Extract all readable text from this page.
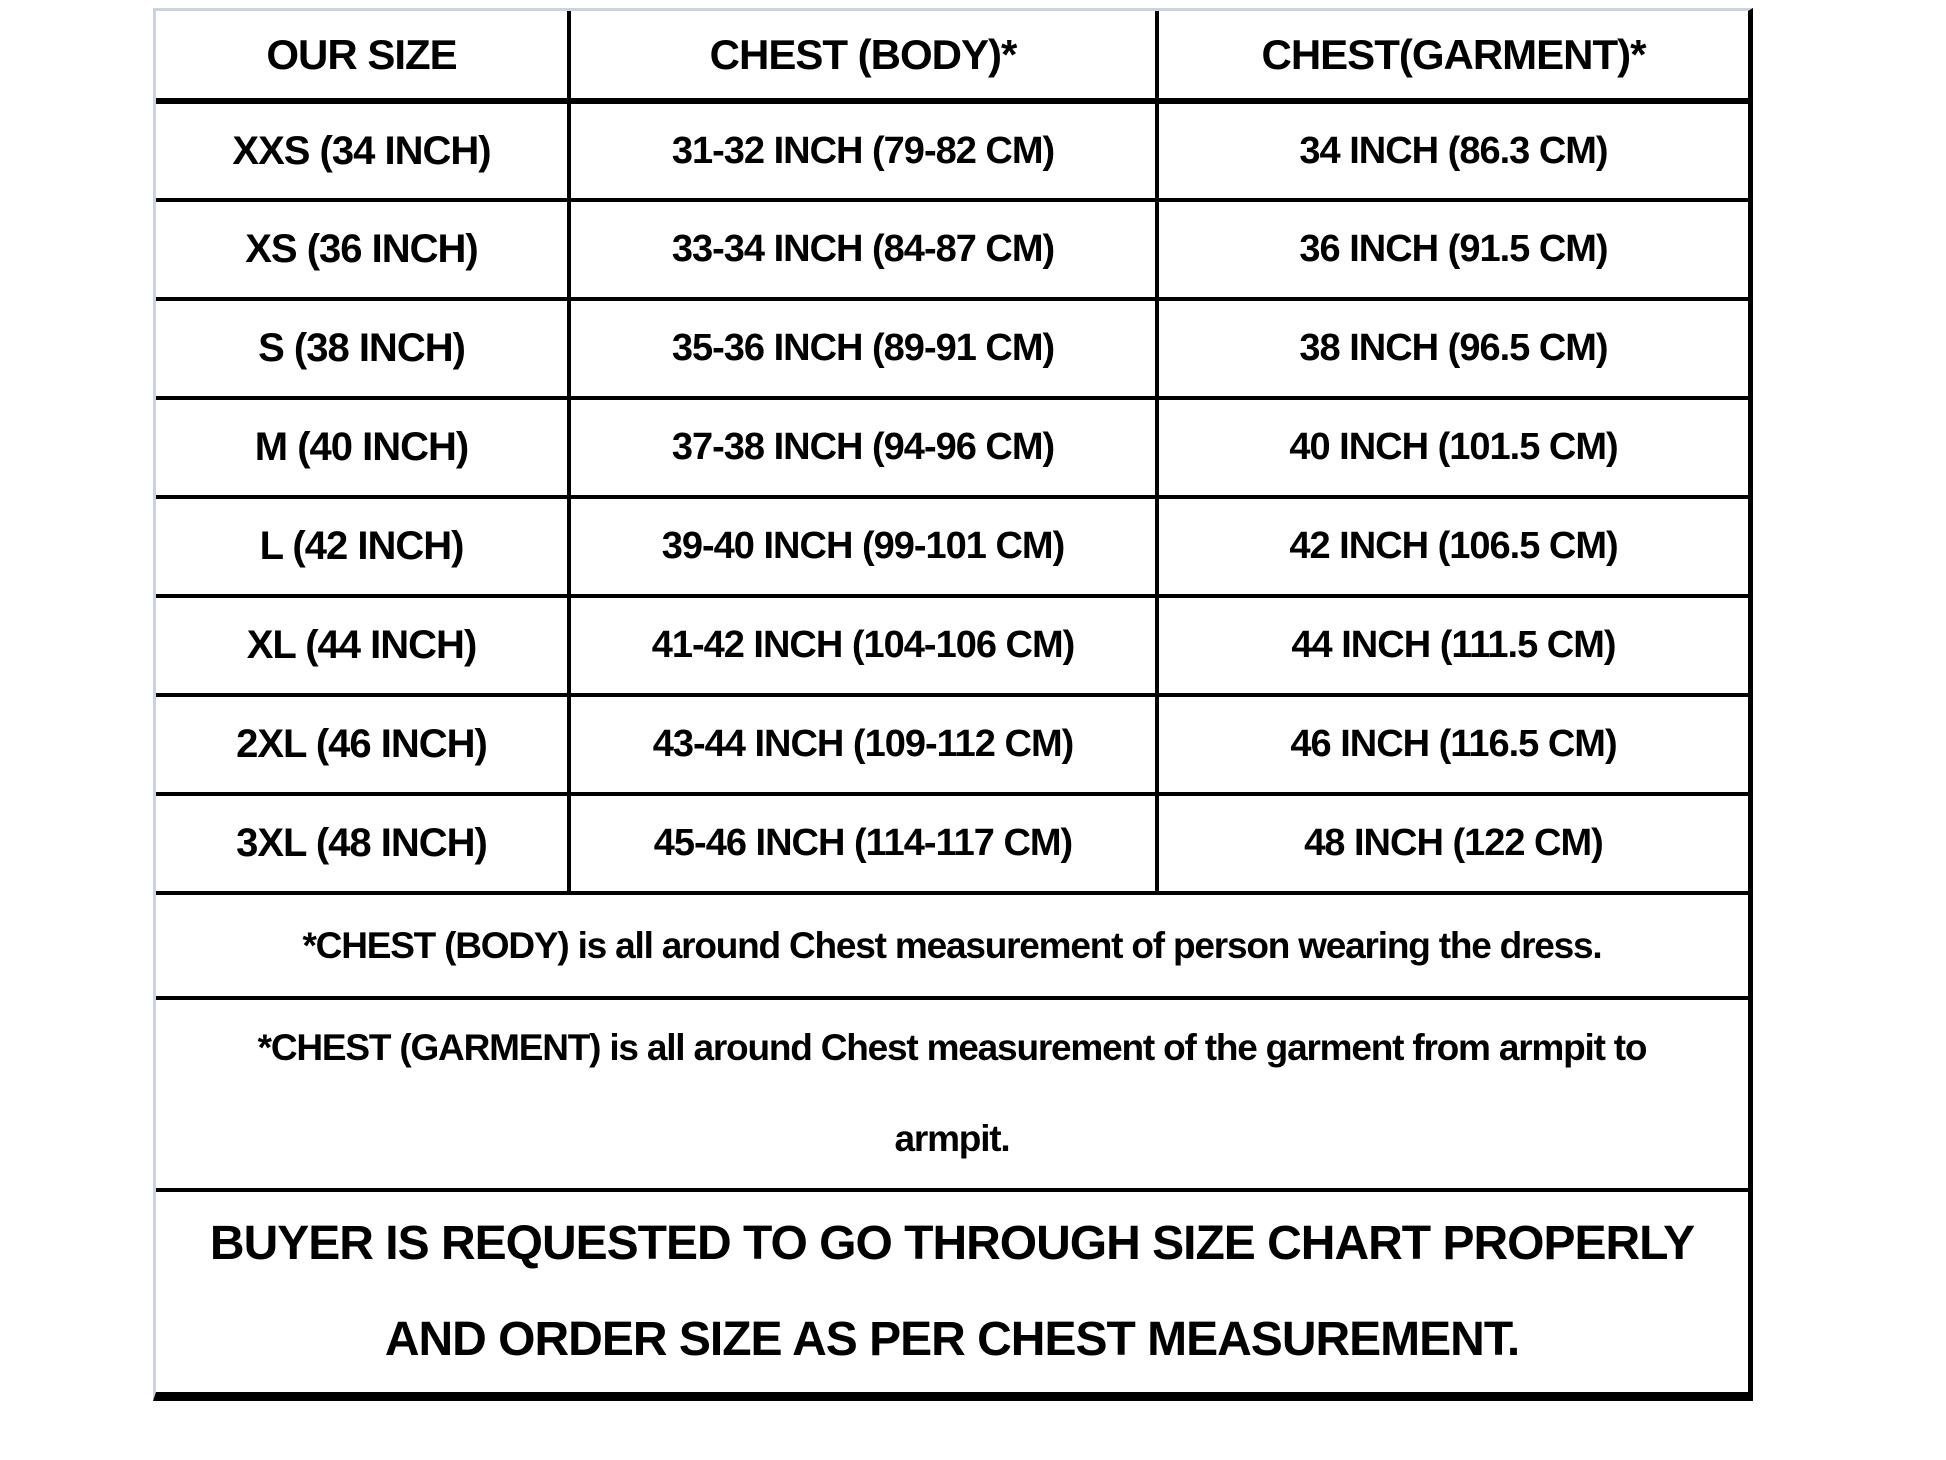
OUR SIZE	CHEST (BODY)*	CHEST(GARMENT)*
XXS (34 INCH)	31-32 INCH (79-82 CM)	34 INCH (86.3 CM)
XS (36 INCH)	33-34 INCH (84-87 CM)	36 INCH (91.5 CM)
S (38 INCH)	35-36 INCH (89-91 CM)	38 INCH (96.5 CM)
M (40 INCH)	37-38 INCH (94-96 CM)	40 INCH (101.5 CM)
L (42 INCH)	39-40 INCH (99-101 CM)	42 INCH (106.5 CM)
XL (44 INCH)	41-42 INCH (104-106 CM)	44 INCH (111.5 CM)
2XL (46 INCH)	43-44 INCH (109-112 CM)	46 INCH (116.5 CM)
3XL (48 INCH)	45-46 INCH (114-117 CM)	48 INCH (122 CM)
*CHEST (BODY) is all around Chest measurement of person wearing the dress.		
*CHEST (GARMENT) is all around Chest measurement of the garment from armpit to armpit.		
BUYER IS REQUESTED TO GO THROUGH SIZE CHART PROPERLY AND ORDER SIZE AS PER CHEST MEASUREMENT.		
